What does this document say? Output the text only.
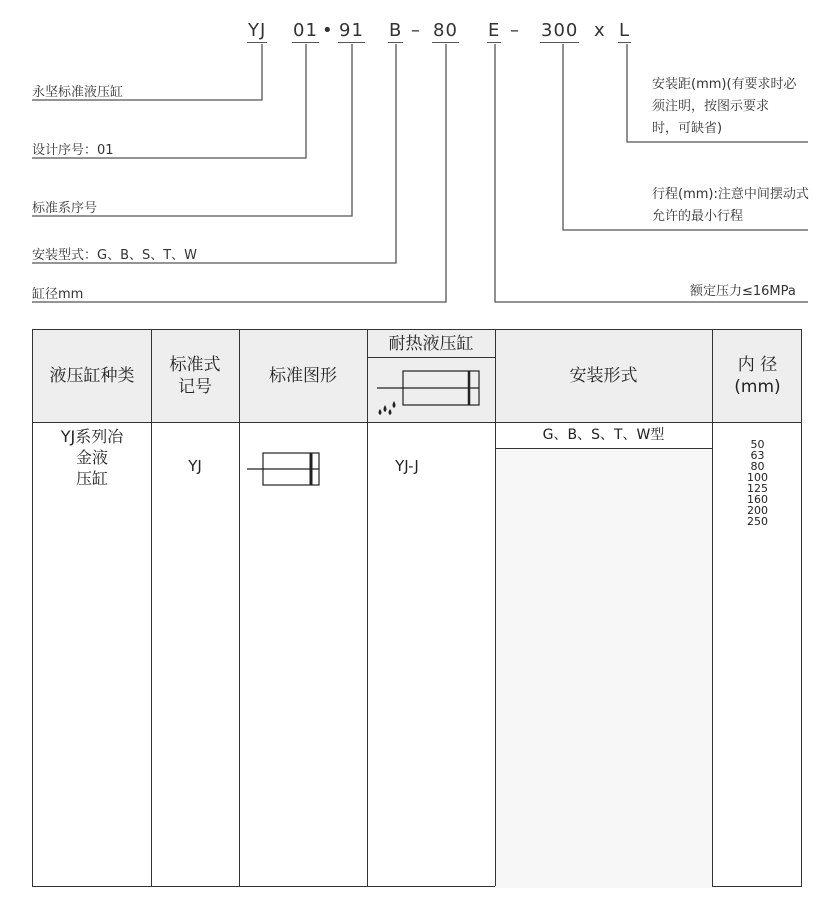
YJ 01 • 91 B – 80 E – 300 x L
永坚标准液压缸
设计序号：01
标准系序号
安装型式：G、B、S、T、W
缸径mm
安装距(mm)(有要求时必
须注明，按图示要求
时，可缺省)
行程(mm):注意中间摆动式
允许的最小行程
额定压力≤16MPa
液压缸种类
标准式
记号
标准图形
耐热液压缸
安装形式
内 径
(mm)
YJ系列冶
金液
压缸
YJ	YJ-J
G、B、S、T、W型
50
63
80
100
125
160
200
250
